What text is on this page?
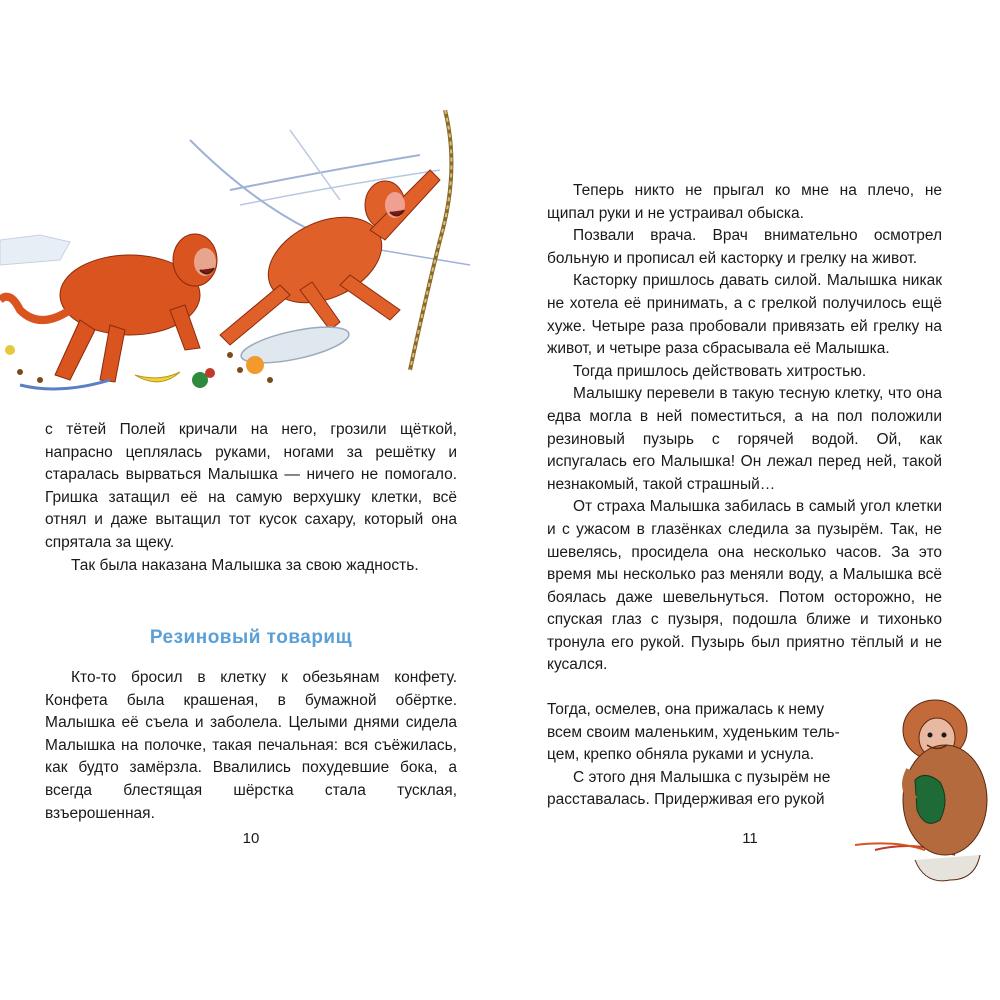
с тётей Полей кричали на него, грозили щёткой, напрасно цеплялась руками, ногами за решётку и старалась вырваться Малышка — ничего не помогало. Гришка затащил её на самую верхушку клетки, всё отнял и даже вытащил тот кусок сахару, который она спрятала за щеку.

Так была наказана Малышка за свою жадность.

Резиновый товарищ

Кто-то бросил в клетку к обезьянам конфету. Конфета была крашеная, в бумажной обёртке. Малышка её съела и заболела. Целыми днями сидела Малышка на полочке, такая печальная: вся съёжилась, как будто замёрзла. Ввалились похудевшие бока, а всегда блестящая шёрстка стала тусклая, взъерошенная.

10

Теперь никто не прыгал ко мне на плечо, не щипал руки и не устраивал обыска.

Позвали врача. Врач внимательно осмотрел больную и прописал ей касторку и грелку на живот.

Касторку пришлось давать силой. Малышка никак не хотела её принимать, а с грелкой получилось ещё хуже. Четыре раза пробовали привязать ей грелку на живот, и четыре раза сбрасывала её Малышка.

Тогда пришлось действовать хитростью.

Малышку перевели в такую тесную клетку, что она едва могла в ней поместиться, а на пол положили резиновый пузырь с горячей водой. Ой, как испугалась его Малышка! Он лежал перед ней, такой незнакомый, такой страшный…

От страха Малышка забилась в самый угол клетки и с ужасом в глазёнках следила за пузырём. Так, не шевелясь, просидела она несколько часов. За это время мы несколько раз меняли воду, а Малышка всё боялась даже шевельнуться. Потом осторожно, не спуская глаз с пузыря, подошла ближе и тихонько тронула его рукой. Пузырь был приятно тёплый и не кусался.

Тогда, осмелев, она прижалась к нему

всем своим маленьким, худеньким тель-

цем, крепко обняла руками и уснула.

С этого дня Малышка с пузырём не

расставалась. Придерживая его рукой

11
